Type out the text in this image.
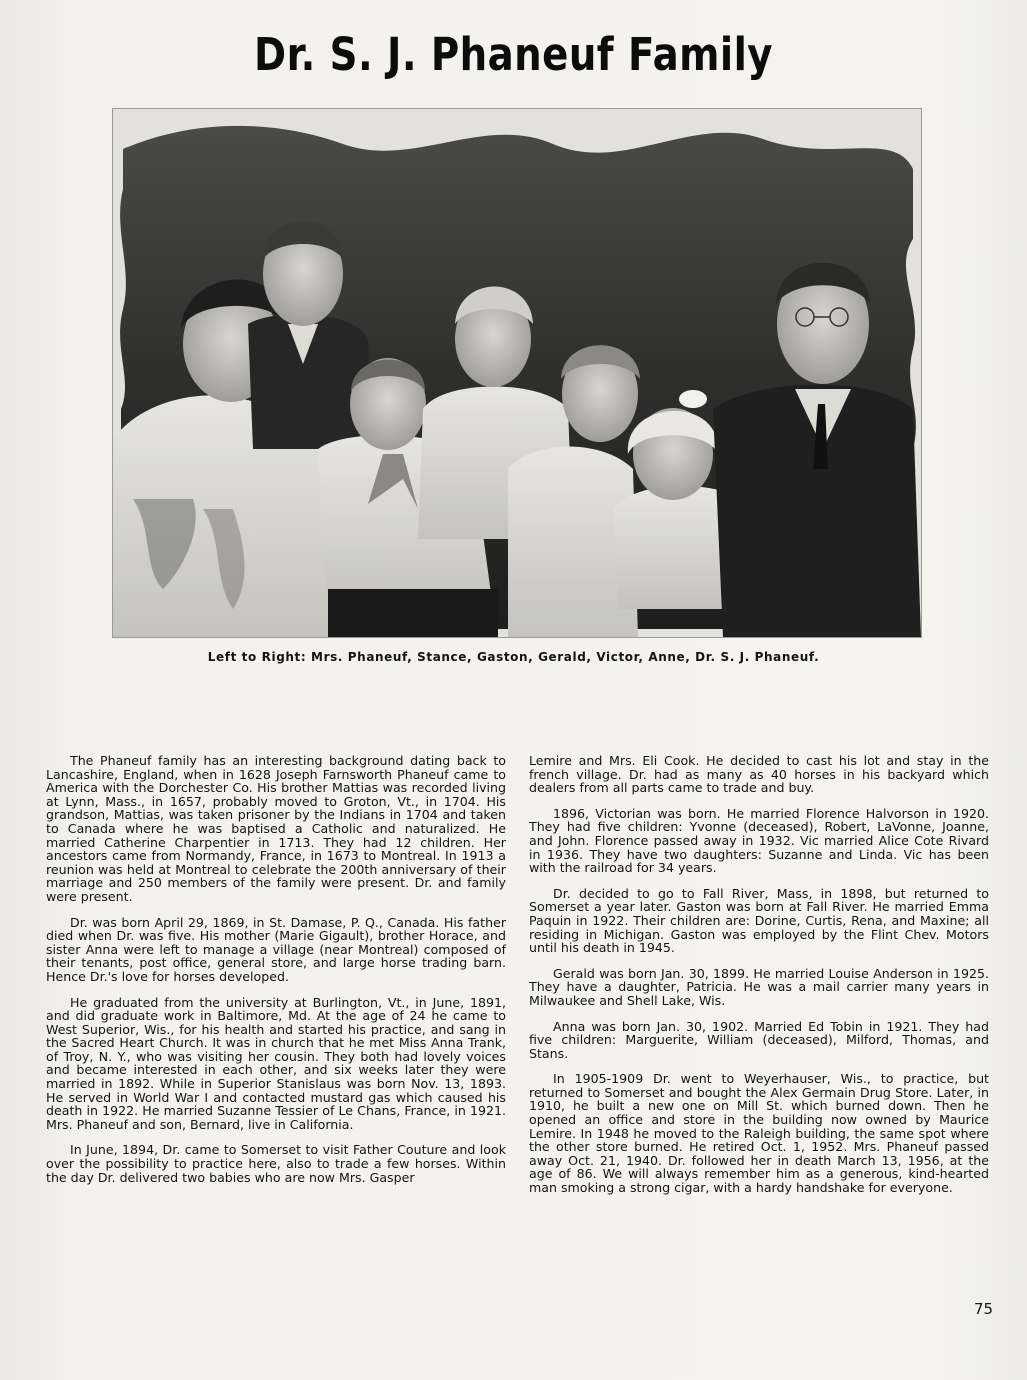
Dr. S. J. Phaneuf Family
Left to Right: Mrs. Phaneuf, Stance, Gaston, Gerald, Victor, Anne, Dr. S. J. Phaneuf.

The Phaneuf family has an interesting background dating back to Lancashire, England, when in 1628 Joseph Farnsworth Phaneuf came to America with the Dorchester Co. His brother Mattias was recorded living at Lynn, Mass., in 1657, probably moved to Groton, Vt., in 1704. His grandson, Mattias, was taken prisoner by the Indians in 1704 and taken to Canada where he was baptised a Catholic and naturalized. He married Catherine Charpentier in 1713. They had 12 children. Her ancestors came from Normandy, France, in 1673 to Montreal. In 1913 a reunion was held at Montreal to celebrate the 200th anniversary of their marriage and 250 members of the family were present. Dr. and family were present.

Dr. was born April 29, 1869, in St. Damase, P. Q., Canada. His father died when Dr. was five. His mother (Marie Gigault), brother Horace, and sister Anna were left to manage a village (near Montreal) composed of their tenants, post office, general store, and large horse trading barn. Hence Dr.'s love for horses developed.

He graduated from the university at Burlington, Vt., in June, 1891, and did graduate work in Baltimore, Md. At the age of 24 he came to West Superior, Wis., for his health and started his practice, and sang in the Sacred Heart Church. It was in church that he met Miss Anna Trank, of Troy, N. Y., who was visiting her cousin. They both had lovely voices and became interested in each other, and six weeks later they were married in 1892. While in Superior Stanislaus was born Nov. 13, 1893. He served in World War I and contacted mustard gas which caused his death in 1922. He married Suzanne Tessier of Le Chans, France, in 1921. Mrs. Phaneuf and son, Bernard, live in California.

In June, 1894, Dr. came to Somerset to visit Father Couture and look over the possibility to practice here, also to trade a few horses. Within the day Dr. delivered two babies who are now Mrs. Gasper

Lemire and Mrs. Eli Cook. He decided to cast his lot and stay in the french village. Dr. had as many as 40 horses in his backyard which dealers from all parts came to trade and buy.

1896, Victorian was born. He married Florence Halvorson in 1920. They had five children: Yvonne (deceased), Robert, LaVonne, Joanne, and John. Florence passed away in 1932. Vic married Alice Cote Rivard in 1936. They have two daughters: Suzanne and Linda. Vic has been with the railroad for 34 years.

Dr. decided to go to Fall River, Mass, in 1898, but returned to Somerset a year later. Gaston was born at Fall River. He married Emma Paquin in 1922. Their children are: Dorine, Curtis, Rena, and Maxine; all residing in Michigan. Gaston was employed by the Flint Chev. Motors until his death in 1945.

Gerald was born Jan. 30, 1899. He married Louise Anderson in 1925. They have a daughter, Patricia. He was a mail carrier many years in Milwaukee and Shell Lake, Wis.

Anna was born Jan. 30, 1902. Married Ed Tobin in 1921. They had five children: Marguerite, William (deceased), Milford, Thomas, and Stans.

In 1905-1909 Dr. went to Weyerhauser, Wis., to practice, but returned to Somerset and bought the Alex Germain Drug Store. Later, in 1910, he built a new one on Mill St. which burned down. Then he opened an office and store in the building now owned by Maurice Lemire. In 1948 he moved to the Raleigh building, the same spot where the other store burned. He retired Oct. 1, 1952. Mrs. Phaneuf passed away Oct. 21, 1940. Dr. followed her in death March 13, 1956, at the age of 86. We will always remember him as a generous, kind-hearted man smoking a strong cigar, with a hardy handshake for everyone.

75
